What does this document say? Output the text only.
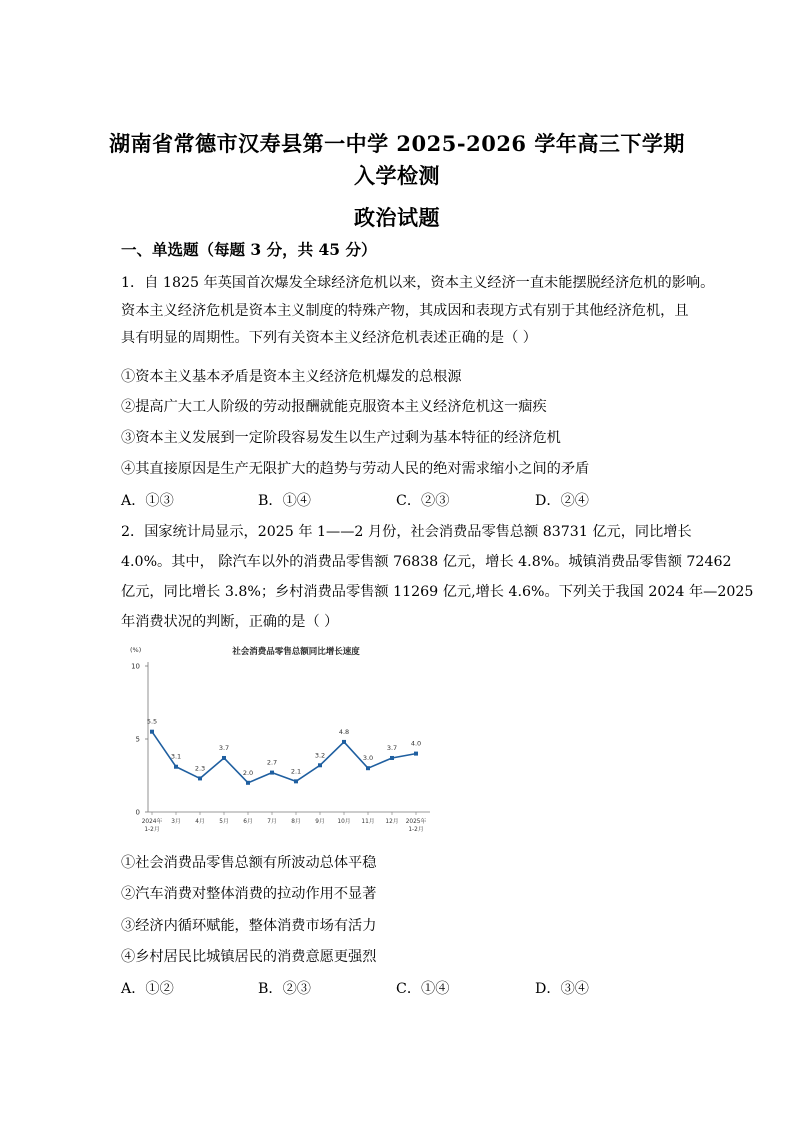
湖南省常德市汉寿县第一中学 2025-2026 学年高三下学期
入学检测
政治试题
一、单选题（每题 3 分，共 45 分）
1．自 1825 年英国首次爆发全球经济危机以来，资本主义经济一直未能摆脱经济危机的影响。
资本主义经济危机是资本主义制度的特殊产物，其成因和表现方式有别于其他经济危机，且
具有明显的周期性。下列有关资本主义经济危机表述正确的是（ ）
①资本主义基本矛盾是资本主义经济危机爆发的总根源
②提高广大工人阶级的劳动报酬就能克服资本主义经济危机这一痼疾
③资本主义发展到一定阶段容易发生以生产过剩为基本特征的经济危机
④其直接原因是生产无限扩大的趋势与劳动人民的绝对需求缩小之间的矛盾
A．①③	B．①④	C．②③	D．②④
2．国家统计局显示，2025 年 1——2 月份，社会消费品零售总额 83731 亿元，同比增长
4.0%。其中， 除汽车以外的消费品零售额 76838 亿元，增长 4.8%。城镇消费品零售额 72462
亿元，同比增长 3.8%；乡村消费品零售额 11269 亿元,增长 4.6%。下列关于我国 2024 年—2025
年消费状况的判断，正确的是（ ）
社会消费品零售总额同比增长速度
(%)
0
5
10
5.5
2024年
1-2月
3.1
3月
2.3
4月
3.7
5月
2.0
6月
2.7
7月
2.1
8月
3.2
9月
4.8
10月
3.0
11月
3.7
12月
4.0
2025年
1-2月
①社会消费品零售总额有所波动总体平稳
②汽车消费对整体消费的拉动作用不显著
③经济内循环赋能，整体消费市场有活力
④乡村居民比城镇居民的消费意愿更强烈
A．①②	B．②③	C．①④	D．③④
